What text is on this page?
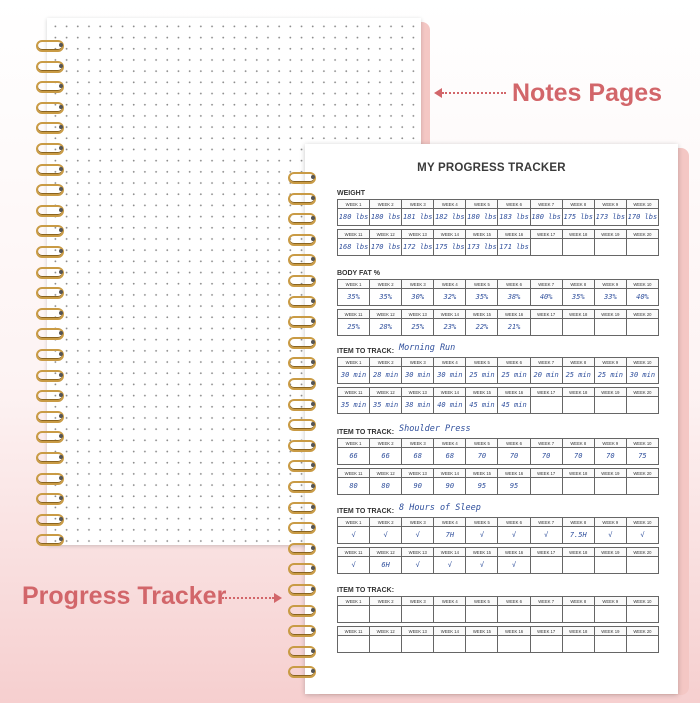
MY PROGRESS TRACKER
WEIGHT
WEEK 1	WEEK 2	WEEK 3	WEEK 4	WEEK 5	WEEK 6	WEEK 7	WEEK 8	WEEK 9	WEEK 10
180 lbs 180 lbs 181 lbs 182 lbs 180 lbs 183 lbs 180 lbs 175 lbs 173 lbs 170 lbs
WEEK 11	WEEK 12	WEEK 13	WEEK 14	WEEK 15	WEEK 16	WEEK 17	WEEK 18	WEEK 19	WEEK 20
168 lbs 170 lbs 172 lbs 175 lbs 173 lbs 171 lbs
BODY FAT %
WEEK 1	WEEK 2	WEEK 3	WEEK 4	WEEK 5	WEEK 6	WEEK 7	WEEK 8	WEEK 9	WEEK 10
35%	35%	30%	32%	35%	38%	40%	35%	33%	40%
WEEK 11	WEEK 12	WEEK 13	WEEK 14	WEEK 15	WEEK 16	WEEK 17	WEEK 18	WEEK 19	WEEK 20
25%	28%	25%	23%	22%	21%
ITEM TO TRACK: Morning Run
WEEK 1	WEEK 2	WEEK 3	WEEK 4	WEEK 5	WEEK 6	WEEK 7	WEEK 8	WEEK 9	WEEK 10
30 min 28 min 30 min 30 min 25 min 25 min 20 min 25 min 25 min 30 min
WEEK 11	WEEK 12	WEEK 13	WEEK 14	WEEK 15	WEEK 16	WEEK 17	WEEK 18	WEEK 19	WEEK 20
35 min 35 min 38 min 40 min 45 min 45 min
ITEM TO TRACK: Shoulder Press
WEEK 1	WEEK 2	WEEK 3	WEEK 4	WEEK 5	WEEK 6	WEEK 7	WEEK 8	WEEK 9	WEEK 10
66	66	68	68	70	70	70	70	70	75
WEEK 11	WEEK 12	WEEK 13	WEEK 14	WEEK 15	WEEK 16	WEEK 17	WEEK 18	WEEK 19	WEEK 20
80	80	90	90	95	95
ITEM TO TRACK: 8 Hours of Sleep
WEEK 1	WEEK 2	WEEK 3	WEEK 4	WEEK 5	WEEK 6	WEEK 7	WEEK 8	WEEK 9	WEEK 10
√	√	√	7H	√	√	√	7.5H	√	√
WEEK 11	WEEK 12	WEEK 13	WEEK 14	WEEK 15	WEEK 16	WEEK 17	WEEK 18	WEEK 19	WEEK 20
√	6H	√	√	√	√
ITEM TO TRACK:
WEEK 1	WEEK 2	WEEK 3	WEEK 4	WEEK 5	WEEK 6	WEEK 7	WEEK 8	WEEK 9	WEEK 10
WEEK 11	WEEK 12	WEEK 13	WEEK 14	WEEK 15	WEEK 16	WEEK 17	WEEK 18	WEEK 19	WEEK 20
Notes Pages
Progress Tracker
